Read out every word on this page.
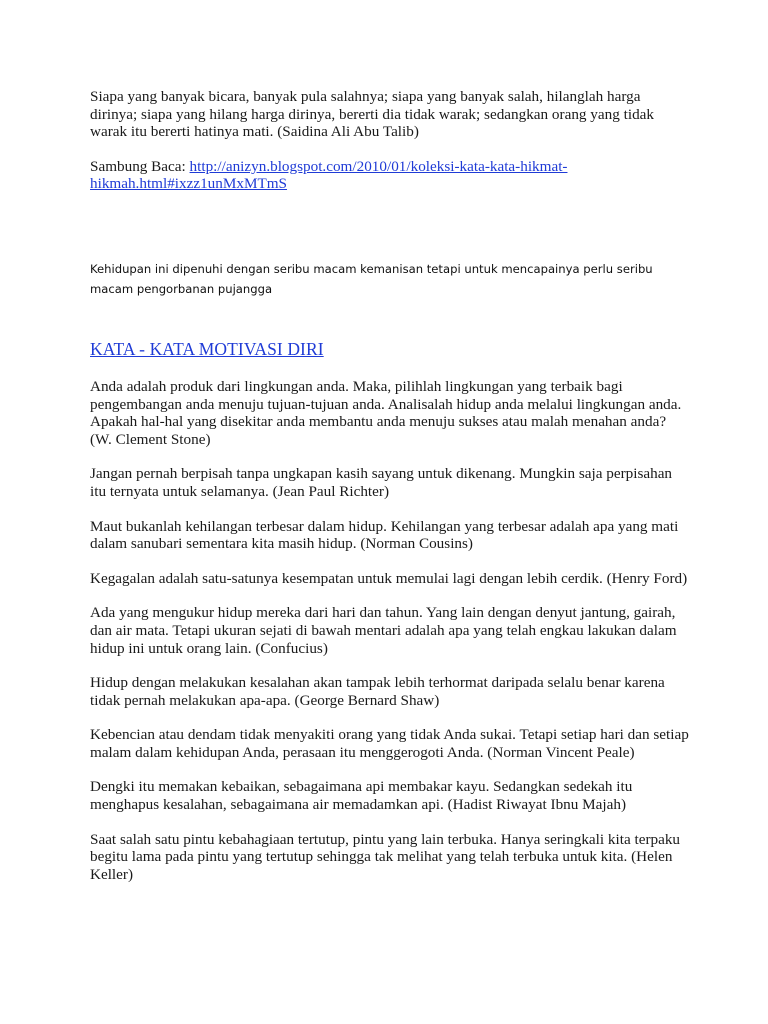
Siapa yang banyak bicara, banyak pula salahnya; siapa yang banyak salah, hilanglah harga dirinya; siapa yang hilang harga dirinya, bererti dia tidak warak; sedangkan orang yang tidak warak itu bererti hatinya mati. (Saidina Ali Abu Talib)

Sambung Baca: http://anizyn.blogspot.com/2010/01/koleksi-kata-kata-hikmat-hikmah.html#ixzz1unMxMTmS

Kehidupan ini dipenuhi dengan seribu macam kemanisan tetapi untuk mencapainya perlu seribu macam pengorbanan pujangga

KATA - KATA MOTIVASI DIRI

Anda adalah produk dari lingkungan anda. Maka, pilihlah lingkungan yang terbaik bagi pengembangan anda menuju tujuan-tujuan anda. Analisalah hidup anda melalui lingkungan anda. Apakah hal-hal yang disekitar anda membantu anda menuju sukses atau malah menahan anda? (W. Clement Stone)

Jangan pernah berpisah tanpa ungkapan kasih sayang untuk dikenang. Mungkin saja perpisahan itu ternyata untuk selamanya. (Jean Paul Richter)

Maut bukanlah kehilangan terbesar dalam hidup. Kehilangan yang terbesar adalah apa yang mati dalam sanubari sementara kita masih hidup. (Norman Cousins)

Kegagalan adalah satu-satunya kesempatan untuk memulai lagi dengan lebih cerdik. (Henry Ford)

Ada yang mengukur hidup mereka dari hari dan tahun. Yang lain dengan denyut jantung, gairah, dan air mata. Tetapi ukuran sejati di bawah mentari adalah apa yang telah engkau lakukan dalam hidup ini untuk orang lain. (Confucius)

Hidup dengan melakukan kesalahan akan tampak lebih terhormat daripada selalu benar karena tidak pernah melakukan apa-apa. (George Bernard Shaw)

Kebencian atau dendam tidak menyakiti orang yang tidak Anda sukai. Tetapi setiap hari dan setiap malam dalam kehidupan Anda, perasaan itu menggerogoti Anda. (Norman Vincent Peale)

Dengki itu memakan kebaikan, sebagaimana api membakar kayu. Sedangkan sedekah itu menghapus kesalahan, sebagaimana air memadamkan api. (Hadist Riwayat Ibnu Majah)

Saat salah satu pintu kebahagiaan tertutup, pintu yang lain terbuka. Hanya seringkali kita terpaku begitu lama pada pintu yang tertutup sehingga tak melihat yang telah terbuka untuk kita. (Helen Keller)
